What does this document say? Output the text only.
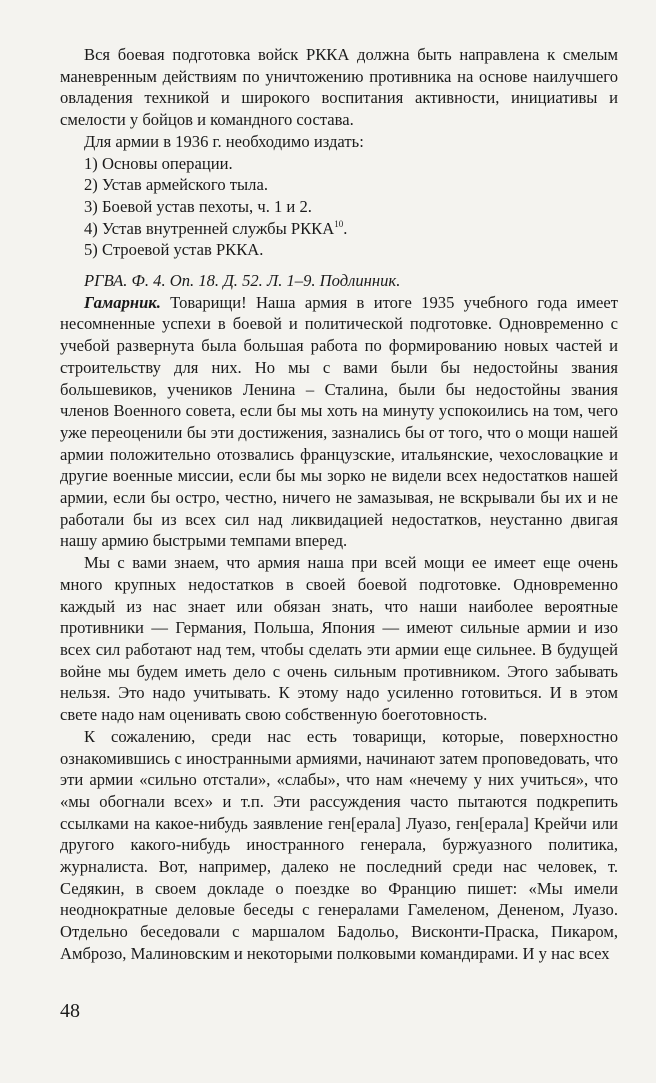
Вся боевая подготовка войск РККА должна быть направлена к смелым маневренным действиям по уничтожению противника на основе наилучшего овладения техникой и широкого воспитания активности, инициативы и смелости у бойцов и командного состава.

Для армии в 1936 г. необходимо издать:

1) Основы операции.
2) Устав армейского тыла.
3) Боевой устав пехоты, ч. 1 и 2.
4) Устав внутренней службы РККА$^{10}$.
5) Строевой устав РККА.

РГВА. Ф. 4. Оп. 18. Д. 52. Л. 1–9. Подлинник.

Гамарник. Товарищи! Наша армия в итоге 1935 учебного года имеет несомненные успехи в боевой и политической подготовке. Одновременно с учебой развернута была большая работа по формированию новых частей и строительству для них. Но мы с вами были бы недостойны звания большевиков, учеников Ленина – Сталина, были бы недостойны звания членов Военного совета, если бы мы хоть на минуту успокоились на том, чего уже переоценили бы эти достижения, зазнались бы от того, что о мощи нашей армии положительно отозвались французские, итальянские, чехословацкие и другие военные миссии, если бы мы зорко не видели всех недостатков нашей армии, если бы остро, честно, ничего не замазывая, не вскрывали бы их и не работали бы из всех сил над ликвидацией недостатков, неустанно двигая нашу армию быстрыми темпами вперед.

Мы с вами знаем, что армия наша при всей мощи ее имеет еще очень много крупных недостатков в своей боевой подготовке. Одновременно каждый из нас знает или обязан знать, что наши наиболее вероятные противники — Германия, Польша, Япония — имеют сильные армии и изо всех сил работают над тем, чтобы сделать эти армии еще сильнее. В будущей войне мы будем иметь дело с очень сильным противником. Этого забывать нельзя. Это надо учитывать. К этому надо усиленно готовиться. И в этом свете надо нам оценивать свою собственную боеготовность.

К сожалению, среди нас есть товарищи, которые, поверхностно ознакомившись с иностранными армиями, начинают затем проповедовать, что эти армии «сильно отстали», «слабы», что нам «нечему у них учиться», что «мы обогнали всех» и т.п. Эти рассуждения часто пытаются подкрепить ссылками на какое-нибудь заявление ген[ерала] Луазо, ген[ерала] Крейчи или другого какого-нибудь иностранного генерала, буржуазного политика, журналиста. Вот, например, далеко не последний среди нас человек, т. Седякин, в своем докладе о поездке во Францию пишет: «Мы имели неоднократные деловые беседы с генералами Гамеленом, Дененом, Луазо. Отдельно беседовали с маршалом Бадольо, Висконти-Праска, Пикаром, Амброзо, Малиновским и некоторыми полковыми командирами. И у нас всех

48
